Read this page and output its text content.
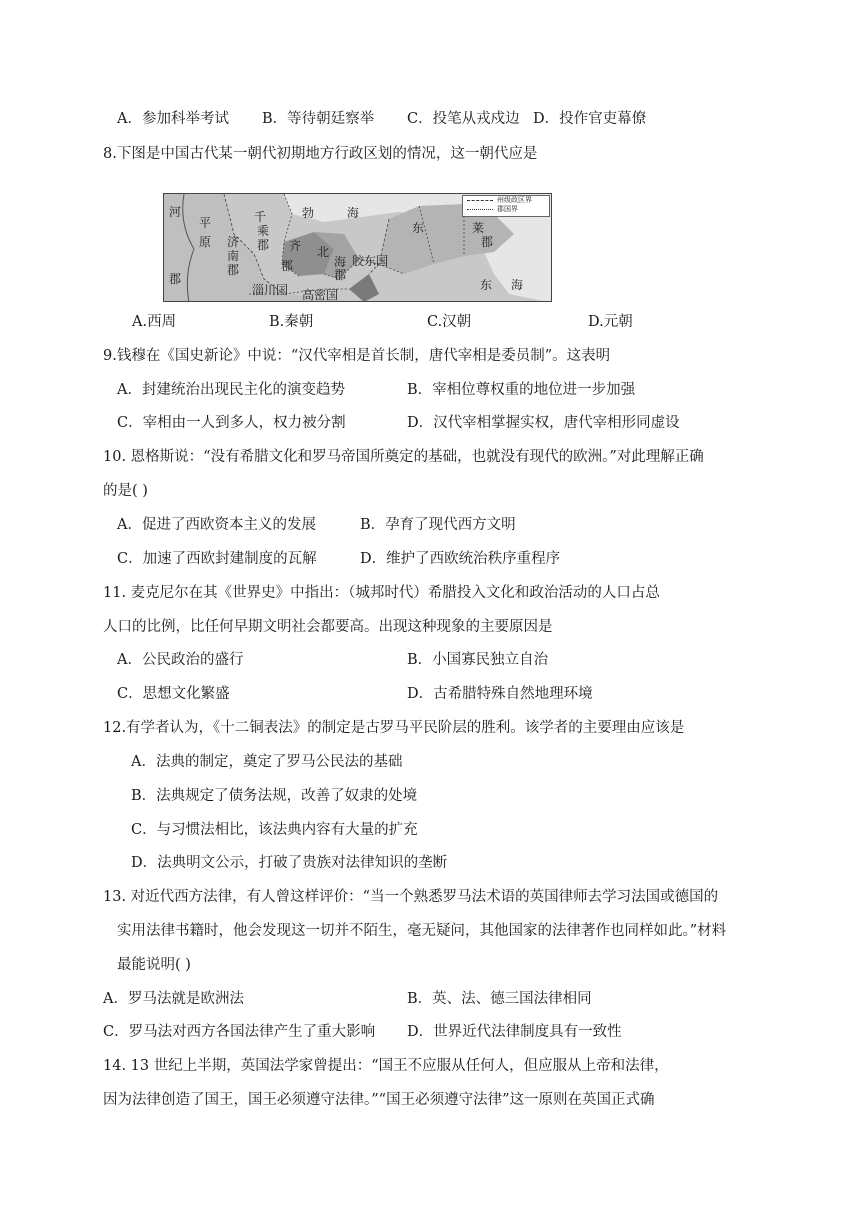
A．参加科举考试 B．等待朝廷察举 C．投笔从戎戍边 D．投作官吏幕僚
8.下图是中国古代某一朝代初期地方行政区划的情况，这一朝代应是
州级政区界
郡国界
河
平	千
乘
勃	海
东	莱
郡
原 济
南
郡
郡 齐 北
海
郡
郡
郡
胶东国
东 海
淄川国 高密国
A.西周	B.秦朝	C.汉朝	D.元朝
9.钱穆在《国史新论》中说：“汉代宰相是首长制，唐代宰相是委员制”。这表明
A．封建统治出现民主化的演变趋势	B．宰相位尊权重的地位进一步加强
C．宰相由一人到多人，权力被分割	D．汉代宰相掌握实权，唐代宰相形同虚设
10. 恩格斯说：“没有希腊文化和罗马帝国所奠定的基础，也就没有现代的欧洲。”对此理解正确
的是( )
A．促进了西欧资本主义的发展	B．孕育了现代西方文明
C．加速了西欧封建制度的瓦解	D．维护了西欧统治秩序重程序
11. 麦克尼尔在其《世界史》中指出：（城邦时代）希腊投入文化和政治活动的人口占总
人口的比例，比任何早期文明社会都要高。出现这种现象的主要原因是
A．公民政治的盛行	B．小国寡民独立自治
C．思想文化繁盛	D．古希腊特殊自然地理环境
12.有学者认为，《十二铜表法》的制定是古罗马平民阶层的胜利。该学者的主要理由应该是
A．法典的制定，奠定了罗马公民法的基础
B．法典规定了债务法规，改善了奴隶的处境
C．与习惯法相比，该法典内容有大量的扩充
D．法典明文公示，打破了贵族对法律知识的垄断
13. 对近代西方法律，有人曾这样评价：“当一个熟悉罗马法术语的英国律师去学习法国或德国的
实用法律书籍时，他会发现这一切并不陌生，毫无疑问，其他国家的法律著作也同样如此。”材料
最能说明( )
A．罗马法就是欧洲法	B．英、法、德三国法律相同
C．罗马法对西方各国法律产生了重大影响 D．世界近代法律制度具有一致性
14. 13 世纪上半期，英国法学家曾提出：“国王不应服从任何人，但应服从上帝和法律，
因为法律创造了国王，国王必须遵守法律。”“国王必须遵守法律”这一原则在英国正式确
